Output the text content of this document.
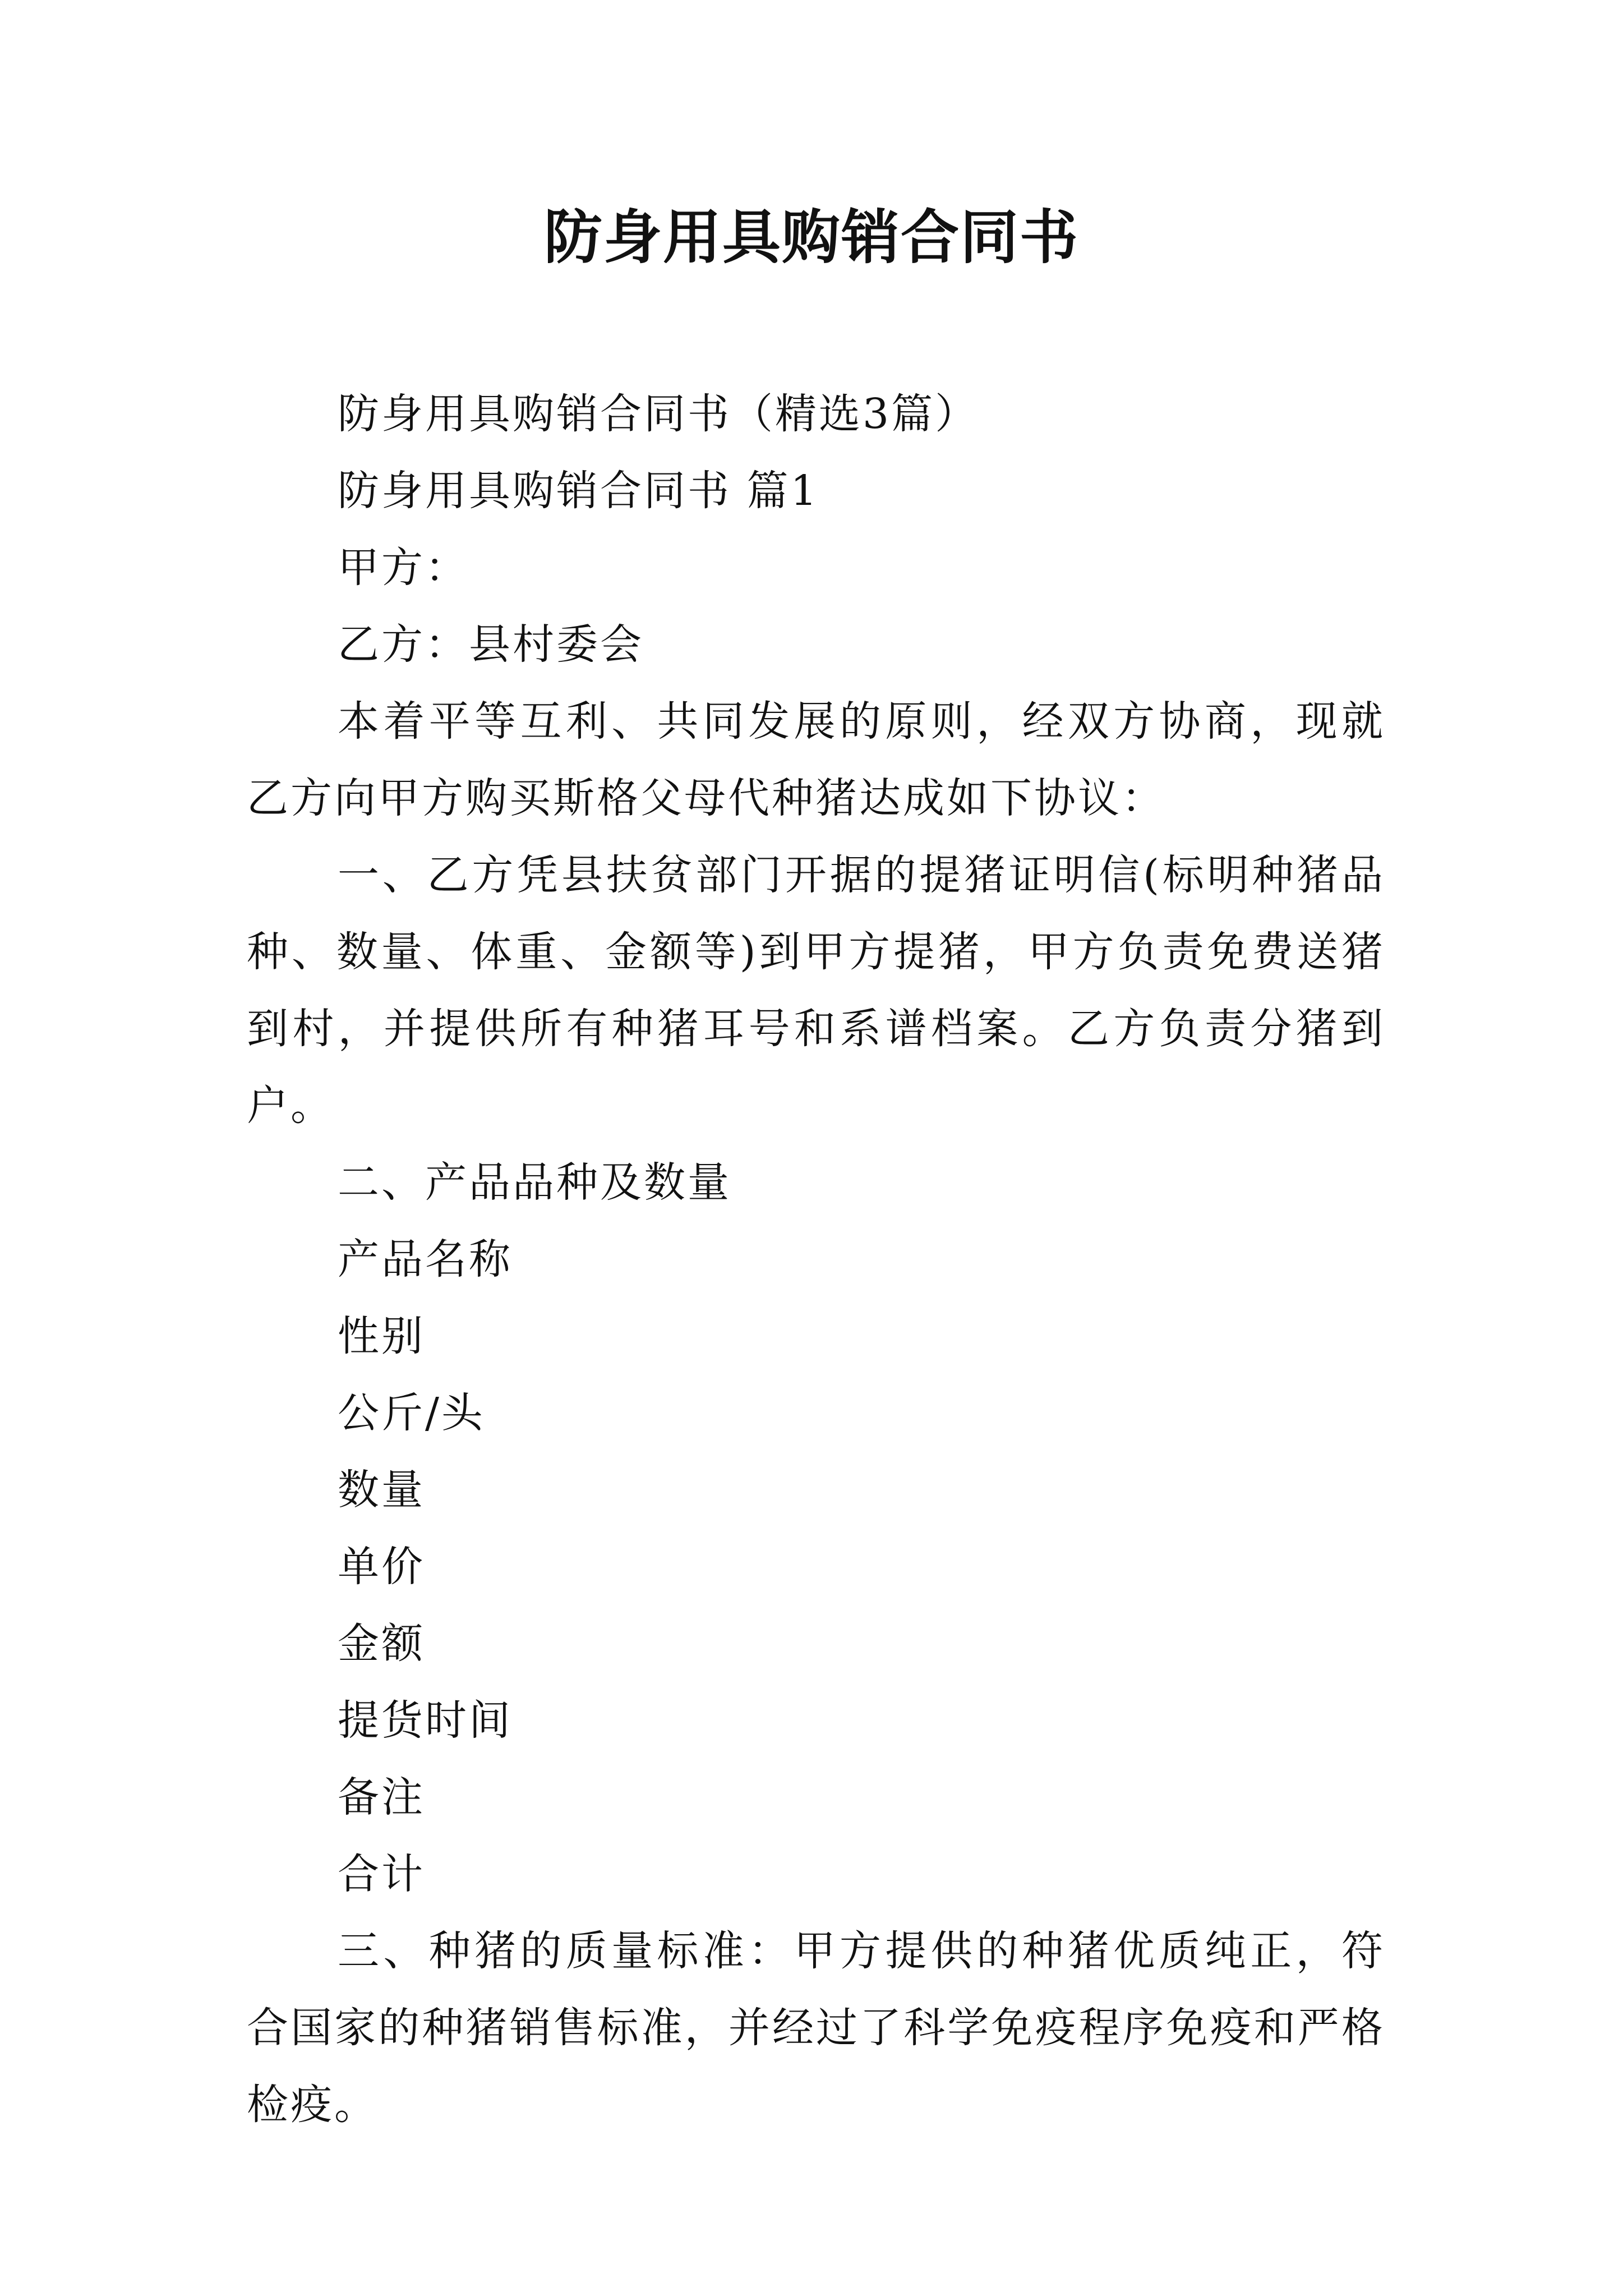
防身用具购销合同书

防身用具购销合同书（精选3篇）

防身用具购销合同书 篇1

甲方：

乙方：县村委会

本着平等互利、共同发展的原则，经双方协商，现就乙方向甲方购买斯格父母代种猪达成如下协议：

一、乙方凭县扶贫部门开据的提猪证明信(标明种猪品种、数量、体重、金额等)到甲方提猪，甲方负责免费送猪到村，并提供所有种猪耳号和系谱档案。乙方负责分猪到户。

二、产品品种及数量

产品名称

性别

公斤/头

数量

单价

金额

提货时间

备注

合计

三、种猪的质量标准：甲方提供的种猪优质纯正，符合国家的种猪销售标准，并经过了科学免疫程序免疫和严格检疫。
